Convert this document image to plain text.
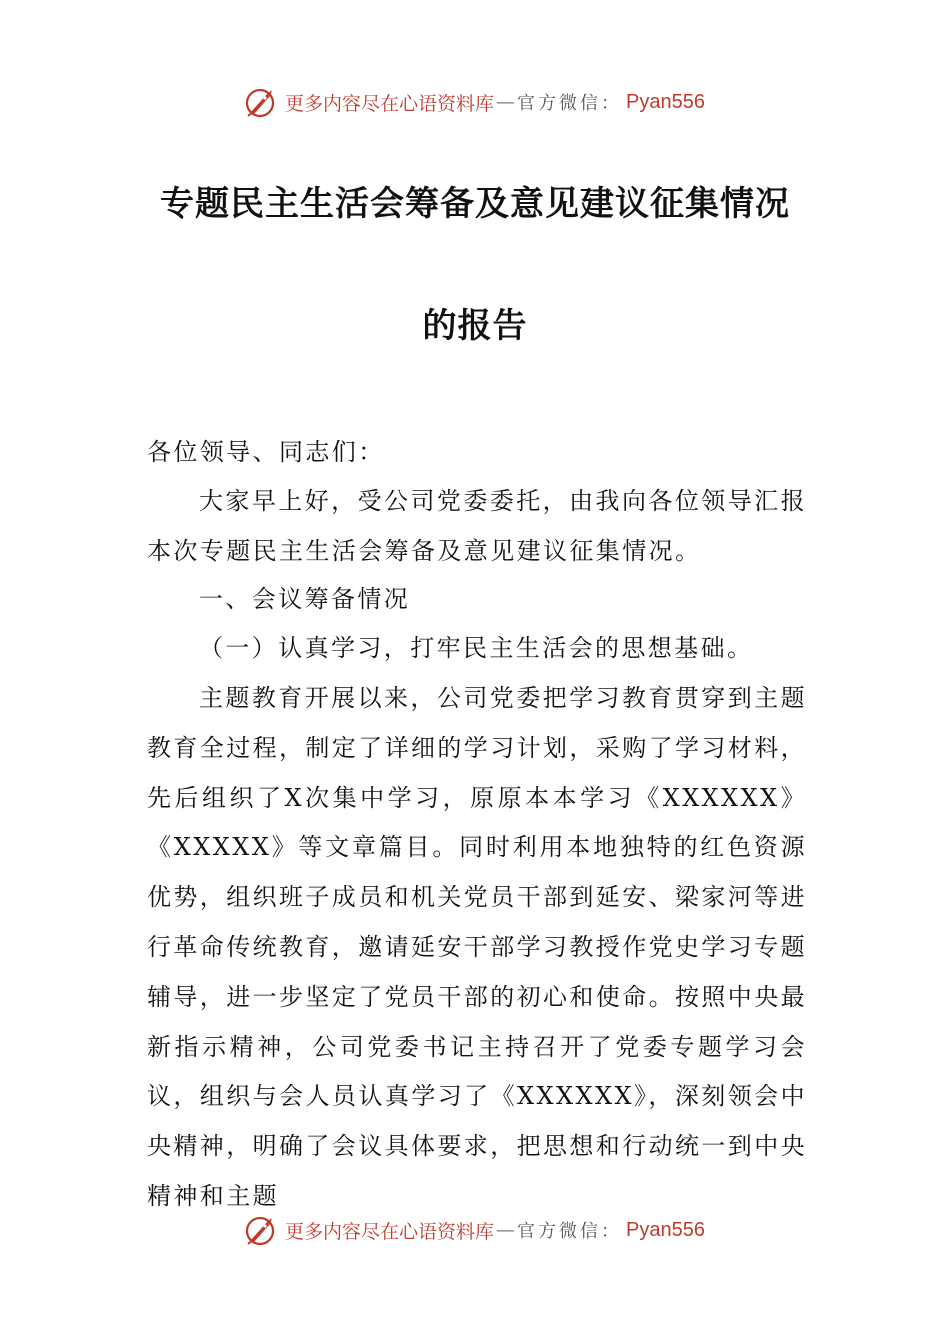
更多内容尽在心语资料库 — 官方微信： Pyan556
专题民主生活会筹备及意见建议征集情况
的报告
各位领导、同志们：
大家早上好，受公司党委委托，由我向各位领导汇报本次专题民主生活会筹备及意见建议征集情况。
一、会议筹备情况
（一）认真学习，打牢民主生活会的思想基础。
主题教育开展以来，公司党委把学习教育贯穿到主题教育全过程，制定了详细的学习计划，采购了学习材料，先后组织了X次集中学习，原原本本学习《XXXXXX》《XXXXX》等文章篇目。同时利用本地独特的红色资源优势，组织班子成员和机关党员干部到延安、梁家河等进行革命传统教育，邀请延安干部学习教授作党史学习专题辅导，进一步坚定了党员干部的初心和使命。按照中央最新指示精神，公司党委书记主持召开了党委专题学习会议，组织与会人员认真学习了《XXXXXX》，深刻领会中央精神，明确了会议具体要求，把思想和行动统一到中央精神和主题
更多内容尽在心语资料库 — 官方微信： Pyan556
